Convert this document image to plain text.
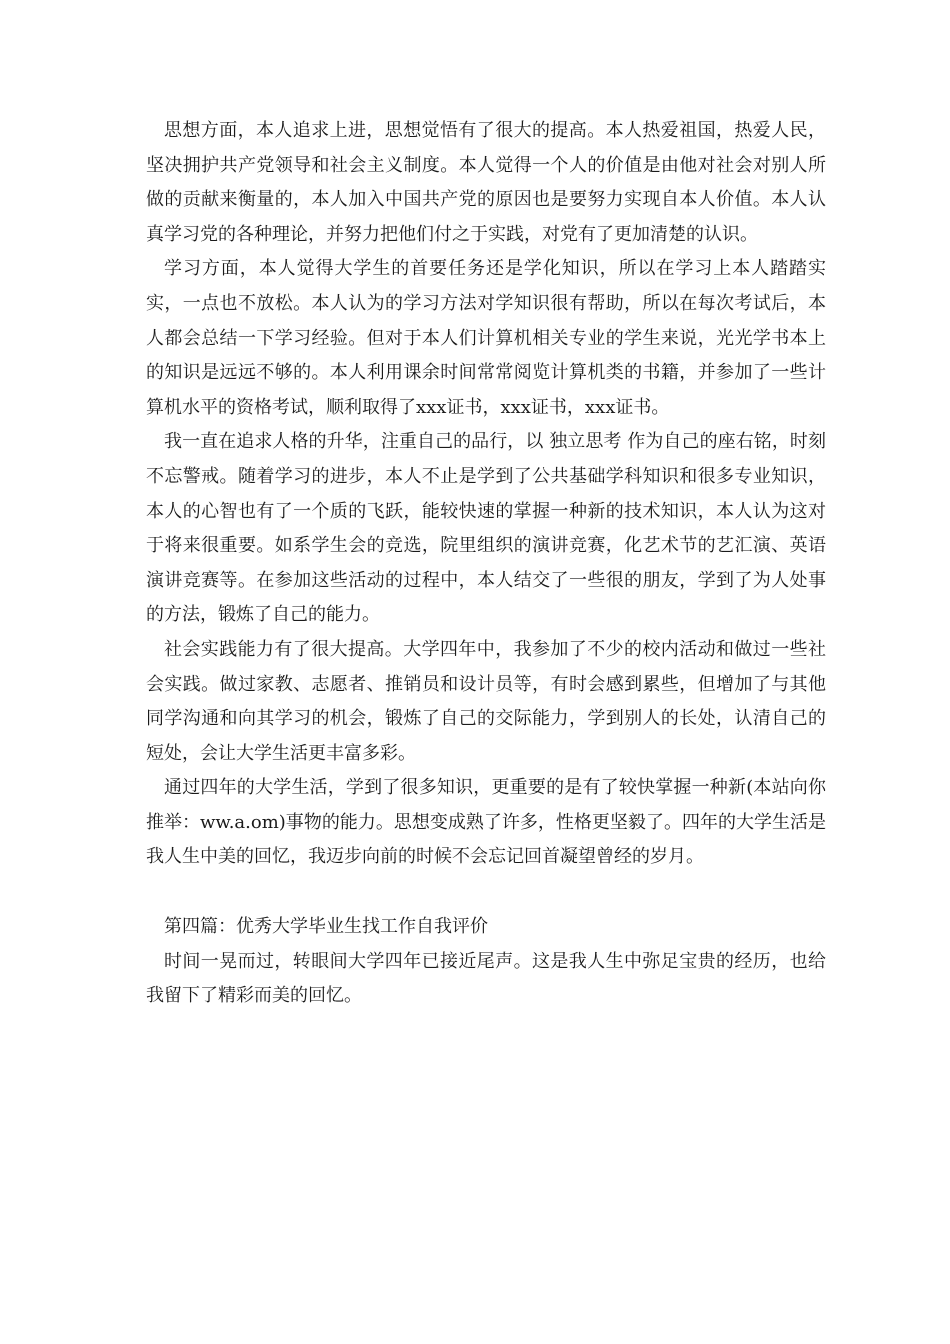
思想方面，本人追求上进，思想觉悟有了很大的提高。本人热爱祖国，热爱人民，坚决拥护共产党领导和社会主义制度。本人觉得一个人的价值是由他对社会对别人所做的贡献来衡量的，本人加入中国共产党的原因也是要努力实现自本人价值。本人认真学习党的各种理论，并努力把他们付之于实践，对党有了更加清楚的认识。

学习方面，本人觉得大学生的首要任务还是学化知识，所以在学习上本人踏踏实实，一点也不放松。本人认为的学习方法对学知识很有帮助，所以在每次考试后，本人都会总结一下学习经验。但对于本人们计算机相关专业的学生来说，光光学书本上的知识是远远不够的。本人利用课余时间常常阅览计算机类的书籍，并参加了一些计算机水平的资格考试，顺利取得了xxx证书，xxx证书，xxx证书。

我一直在追求人格的升华，注重自己的品行，以 独立思考 作为自己的座右铭，时刻不忘警戒。随着学习的进步，本人不止是学到了公共基础学科知识和很多专业知识，本人的心智也有了一个质的飞跃，能较快速的掌握一种新的技术知识，本人认为这对于将来很重要。如系学生会的竞选，院里组织的演讲竞赛，化艺术节的艺汇演、英语演讲竞赛等。在参加这些活动的过程中，本人结交了一些很的朋友，学到了为人处事的方法，锻炼了自己的能力。

社会实践能力有了很大提高。大学四年中，我参加了不少的校内活动和做过一些社会实践。做过家教、志愿者、推销员和设计员等，有时会感到累些，但增加了与其他同学沟通和向其学习的机会，锻炼了自己的交际能力，学到别人的长处，认清自己的短处，会让大学生活更丰富多彩。

通过四年的大学生活，学到了很多知识，更重要的是有了较快掌握一种新(本站向你推举：ww.a.om)事物的能力。思想变成熟了许多，性格更坚毅了。四年的大学生活是我人生中美的回忆，我迈步向前的时候不会忘记回首凝望曾经的岁月。

第四篇：优秀大学毕业生找工作自我评价

时间一晃而过，转眼间大学四年已接近尾声。这是我人生中弥足宝贵的经历，也给我留下了精彩而美的回忆。
